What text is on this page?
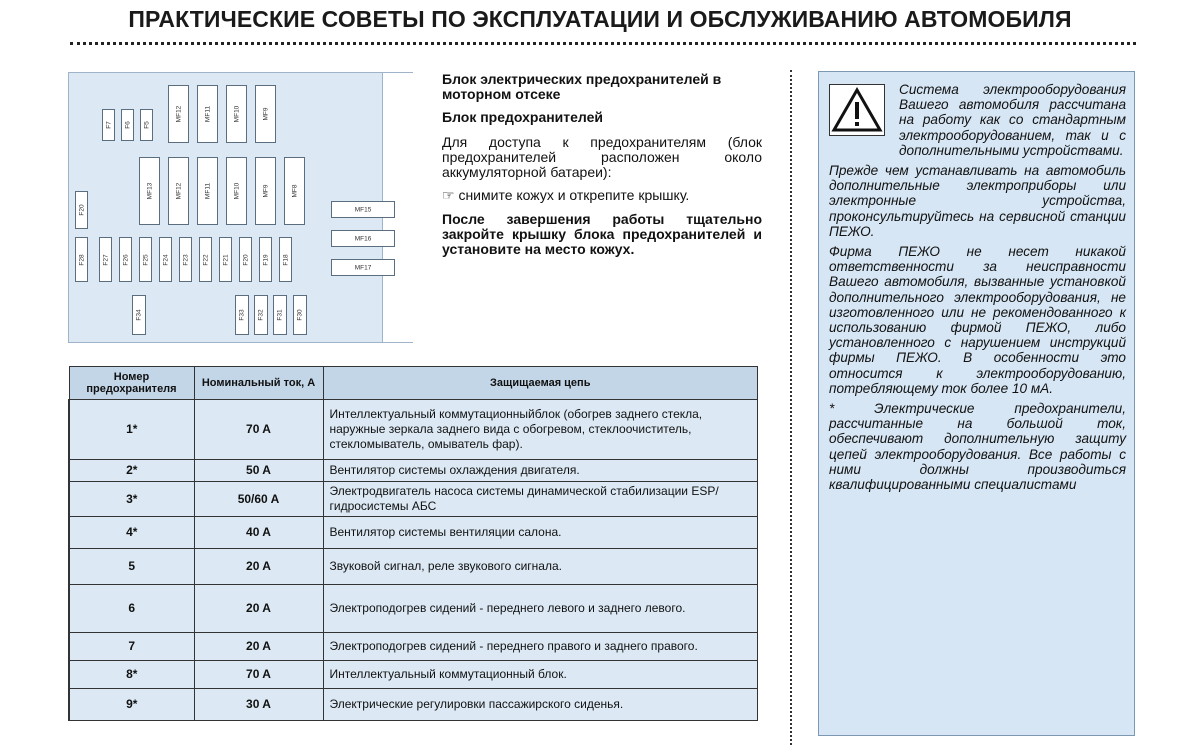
ПРАКТИЧЕСКИЕ СОВЕТЫ ПО ЭКСПЛУАТАЦИИ И ОБСЛУЖИВАНИЮ АВТОМОБИЛЯ
F7 F6 F5
MF12	MF11	MF10	MF9
MF13	MF12	MF11	MF10	MF9	MF8
MF15
MF16
MF17
F20
F28	F27 F26 F25 F24 F23 F22 F21 F20 F19 F18
F34	F33 F32 F31 F30

Блок электрических предохранителей в моторном отсеке

Блок предохранителей

Для доступа к предохранителям (блок предохранителей расположен около аккумуляторной батареи):

☞ снимите кожух и открепите крышку.

После завершения работы тщательно закройте крышку блока предохранителей и установите на место кожух.

Система электрооборудования Вашего автомобиля рассчитана на работу как со стандартным электрооборудованием, так и с дополнительными устройствами.

Прежде чем устанавливать на автомобиль дополнительные электроприборы или электронные устройства, проконсультируйтесь на сервисной станции ПЕЖО.

Фирма ПЕЖО не несет никакой ответственности за неисправности Вашего автомобиля, вызванные установкой дополнительного электрооборудования, не изготовленного или не рекомендованного к использованию фирмой ПЕЖО, либо установленного с нарушением инструкций фирмы ПЕЖО. В особенности это относится к электрооборудованию, потребляющему ток более 10 мА.

* Электрические предохранители, рассчитанные на большой ток, обеспечивают дополнительную защиту цепей электрооборудования. Все работы с ними должны производиться квалифицированными специалистами

Номер предохранителя	Номинальный ток, А	Защищаемая цепь
1*	70 A	Интеллектуальный коммутационныйблок (обогрев заднего стекла, наружные зеркала заднего вида с обогревом, стеклоочиститель, стекломыватель, омыватель фар).
2*	50 A	Вентилятор системы охлаждения двигателя.
3*	50/60 A	Электродвигатель насоса системы динамической стабилизации ESP/ гидросистемы АБС
4*	40 A	Вентилятор системы вентиляции салона.
5	20 A	Звуковой сигнал, реле звукового сигнала.
6	20 A	Электроподогрев сидений - переднего левого и заднего левого.
7	20 A	Электроподогрев сидений - переднего правого и заднего правого.
8*	70 A	Интеллектуальный коммутационный блок.
9*	30 A	Электрические регулировки пассажирского сиденья.
